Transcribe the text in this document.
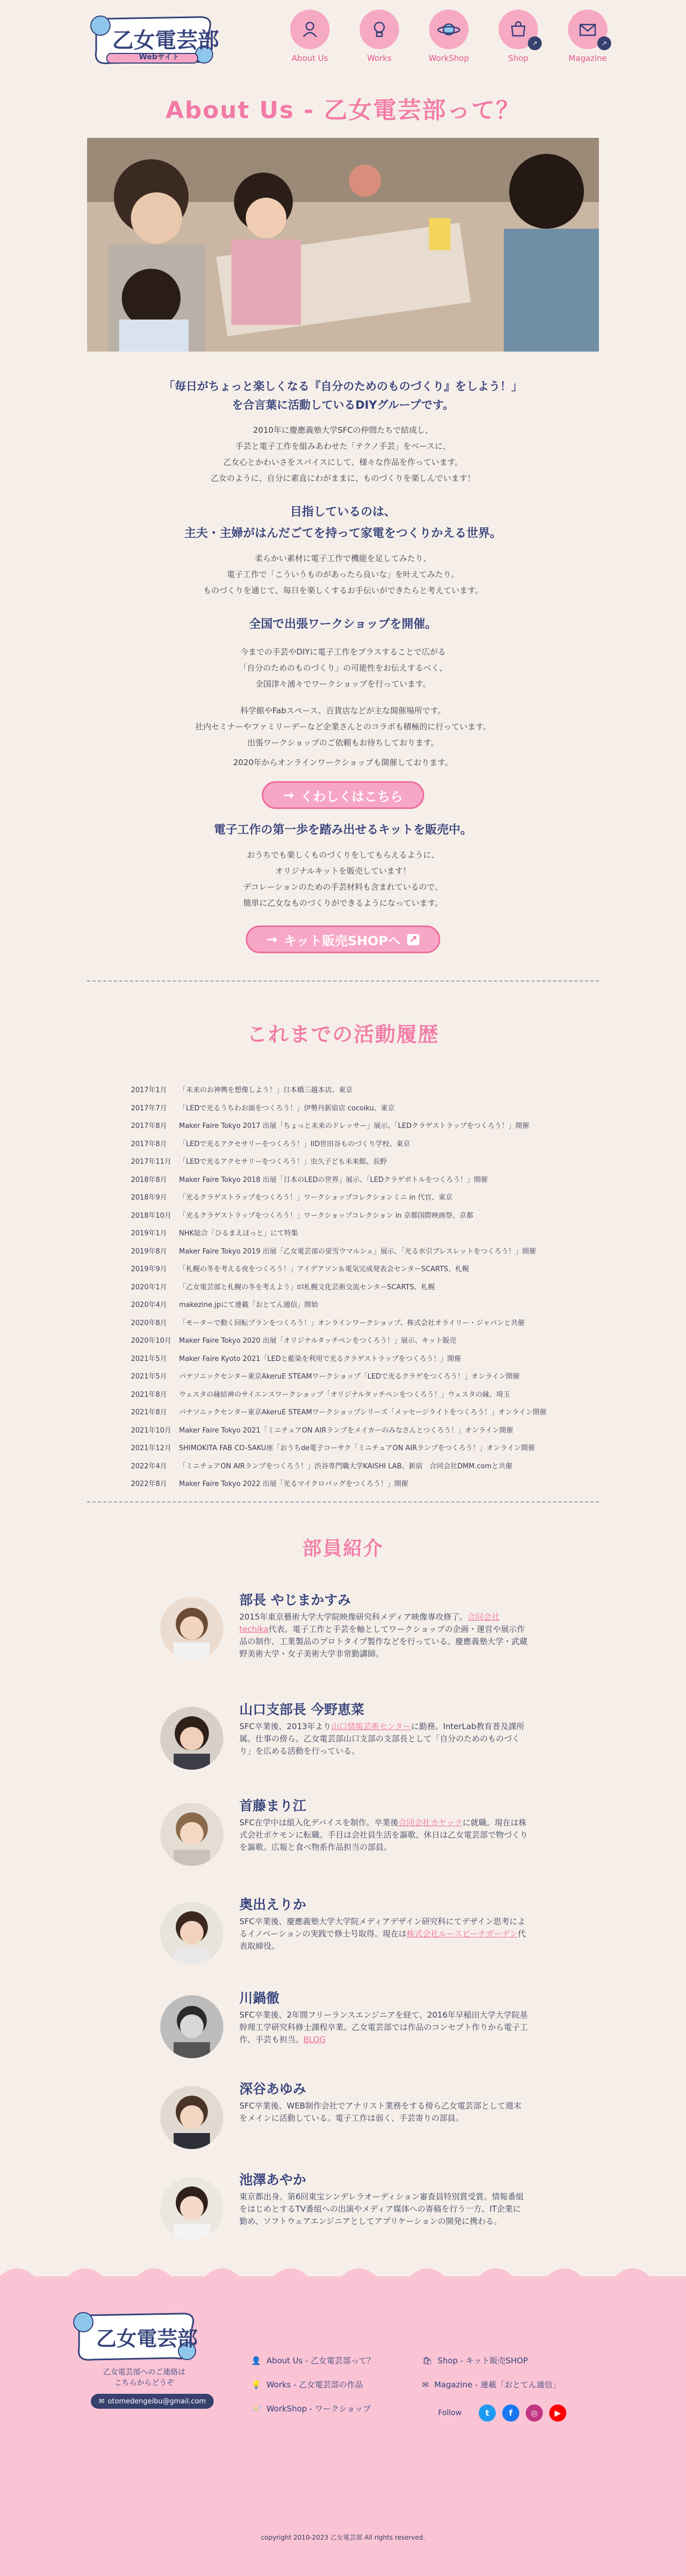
乙女電芸部
Webサイト	About Us	Works	WorkShop
↗
Shop
↗
Magazine
About Us - 乙女電芸部って？
「毎日がちょっと楽しくなる『自分のためのものづくり』をしよう！」
を合言葉に活動しているDIYグループです。
2010年に慶應義塾大学SFCの仲間たちで結成し、
手芸と電子工作を組みあわせた「テクノ手芸」をベースに、
乙女心とかわいさをスパイスにして、様々な作品を作っています。
乙女のように、自分に素直にわがままに、ものづくりを楽しんでいます！
目指しているのは、
主夫・主婦がはんだごてを持って家電をつくりかえる世界。
柔らかい素材に電子工作で機能を足してみたり、
電子工作で「こういうものがあったら良いな」を叶えてみたり。
ものづくりを通じて、毎日を楽しくするお手伝いができたらと考えています。
全国で出張ワークショップを開催。
今までの手芸やDIYに電子工作をプラスすることで広がる
「自分のためのものづくり」の可能性をお伝えするべく、
全国津々浦々でワークショップを行っています。
科学館やFabスペース、百貨店などが主な開催場所です。
社内セミナーやファミリーデーなど企業さんとのコラボも積極的に行っています。
出張ワークショップのご依頼もお待ちしております。
2020年からオンラインワークショップも開催しております。
→ くわしくはこちら
電子工作の第一歩を踏み出せるキットを販売中。
おうちでも楽しくものづくりをしてもらえるように、
オリジナルキットを販売しています！
デコレーションのための手芸材料も含まれているので、
簡単に乙女なものづくりができるようになっています。
→ キット販売SHOPへ ↗
これまでの活動履歴
2017年1月	「未来のお神輿を想像しよう！」日本橋三越本店、東京
2017年7月	「LEDで光るうちわお面をつくろう！」伊勢丹新宿店 cocoiku、東京
2017年8月	Maker Faire Tokyo 2017 出展「ちょっと未来のドレッサー」展示、「LEDクラゲストラップをつくろう！」開催
2017年8月	「LEDで光るアクセサリーをつくろう！」IID世田谷ものづくり学校、東京
2017年11月	「LEDで光るアクセサリーをつくろう！」虫久子ども未来館、長野
2018年8月	Maker Faire Tokyo 2018 出展「日本のLEDの世界」展示、「LEDクラゲボトルをつくろう！」開催
2018年9月	「光るクラゲストラップをつくろう！」ワークショップコレクションミニ in 代官、東京
2018年10月	「光るクラゲストラップをつくろう！」ワークショップコレクション in 京都国際映画祭、京都
2019年1月	NHK総合「ひるまえほっと」にて特集
2019年8月	Maker Faire Tokyo 2019 出展「乙女電芸部の蛍雪ウマルシェ」展示、「光る水引ブレスレットをつくろう！」開催
2019年9月	「札幌の冬を考える夜をつくろう！」アイデアソン＆電気完成発表会センターSCARTS、札幌
2020年1月	「乙女電芸部と札幌の冬を考えよう」ﾛｽ札幌文化芸術交流センターSCARTS、札幌
2020年4月	makezine.jpにて連載「おとてん通信」開始
2020年8月	「モーターで動く回転プランをつくろう！」オンラインワークショップ、株式会社オライリー・ジャパンと共催
2020年10月	Maker Faire Tokyo 2020 出展「オリジナルタッチペンをつくろう！」展示、キット販売
2021年5月	Maker Faire Kyoto 2021「LEDと藍染を利用で光るクラゲストラップをつくろう！」開催
2021年5月	パナソニックセンター東京AkeruE STEAMワークショップ「LEDで光るクラゲをつくろう！」オンライン開催
2021年8月	ウェスタの縁結神のサイエンスワークショップ「オリジナルタッチペンをつくろう！」ウェスタの縁、埼玉
2021年8月	パナソニックセンター東京AkeruE STEAMワークショップシリーズ「メッセージライトをつくろう！」オンライン開催
2021年10月	Maker Faire Tokyo 2021「ミニチュアON AIRランプをメイカーのみなさんとつくろう！」オンライン開催
2021年12月	SHIMOKITA FAB CO-SAKU座「おうちde電子コーサク「ミニチュアON AIRランプをつくろう！」オンライン開催
2022年4月	「ミニチュアON AIRランプをつくろう！」渋谷専門職大学KAISHI LAB、新宿　合同会社DMM.comと共催
2022年8月	Maker Faire Tokyo 2022 出展「光るマイクロバッグをつくろう！」開催
部員紹介
部長 やじまかすみ
2015年東京藝術大学大学院映像研究科メディア映像専攻修了。合同会社techika代表。電子工作と手芸を軸としてワークショップの企画・運営や展示作品の制作、工業製品のプロトタイプ製作などを行っている。慶應義塾大学・武蔵野美術大学・女子美術大学非常勤講師。
山口支部長 今野恵菜
SFC卒業後、2013年より山口情報芸術センターに勤務。InterLab教育普及課所属。仕事の傍ら、乙女電芸部山口支部の支部長として「自分のためのものづくり」を広める活動を行っている。
首藤まり江
SFC在学中は組入化デバイスを制作。卒業後合同会社カヤックに就職。現在は株式会社ポケモンに転職。手目は会社員生活を謳歌、休日は乙女電芸部で物づくりを謳歌。広報と食べ物系作品担当の部員。
奥出えりか
SFC卒業後、慶應義塾大学大学院メディアデザイン研究科にてデザイン思考によるイノベーションの実践で修士号取得。現在は株式会社ルースピーチガーデン代表取締役。
川鍋徹
SFC卒業後、2年間フリーランスエンジニアを経て、2016年早稲田大学大学院基幹理工学研究科修士課程卒業。乙女電芸部では作品のコンセプト作りから電子工作、手芸も担当。BLOG
深谷あゆみ
SFC卒業後、WEB制作会社でアナリスト業務をする傍ら乙女電芸部として週末をメインに活動している。電子工作は弱く、手芸寄りの部員。
池澤あやか
東京都出身。第6回東宝シンデレラオーディション審査員特別賞受賞。情報番組をはじめとするTV番組への出演やメディア媒体への寄稿を行う一方、IT企業に勤め、ソフトウェアエンジニアとしてアプリケーションの開発に携わる。
乙女電芸部
乙女電芸部へのご連絡は
こちらからどうぞ
✉ otomedengeibu@gmail.com
👤 About Us - 乙女電芸部って？
💡 Works - 乙女電芸部の作品
🪐 WorkShop - ワークショップ
🛍 Shop - キット販売SHOP
✉ Magazine - 連載「おとてん通信」
Follow	t	f	◎	▶
copyright 2010-2023 乙女電芸部 All rights reserved.
